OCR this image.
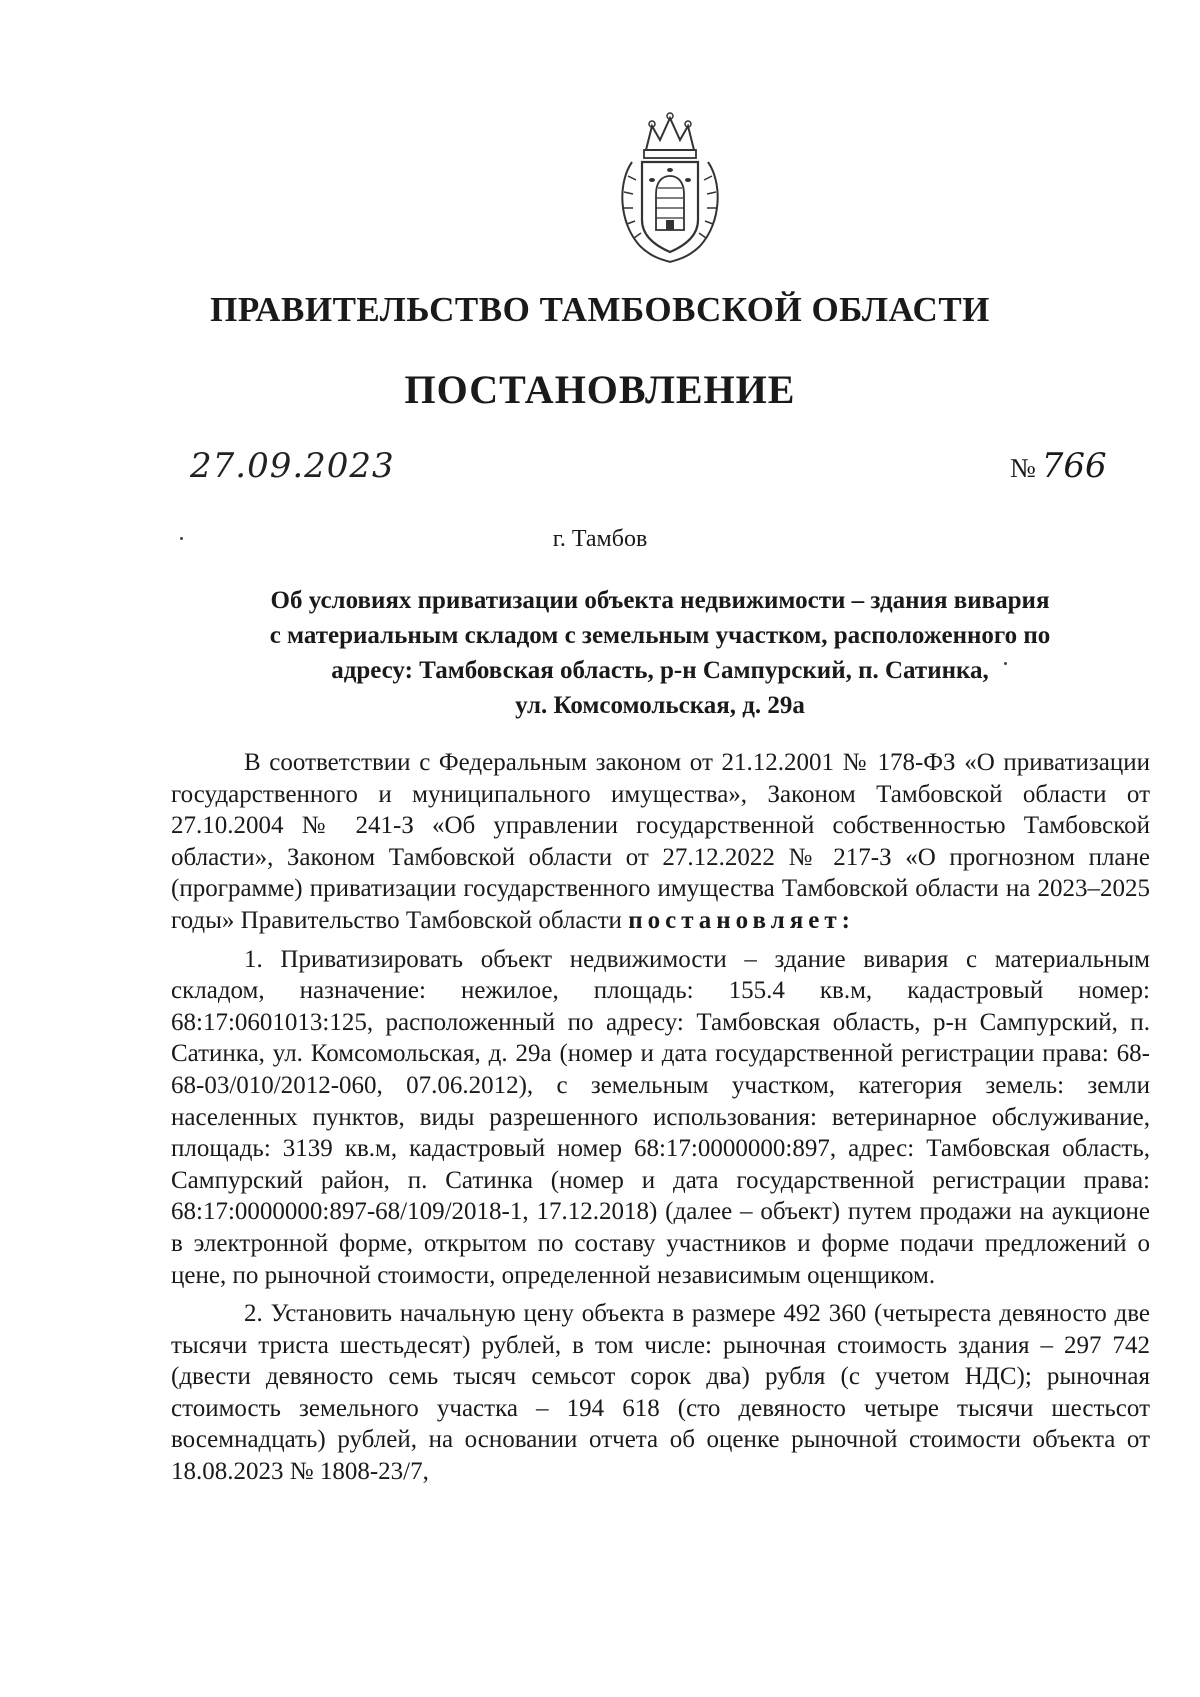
ПРАВИТЕЛЬСТВО ТАМБОВСКОЙ ОБЛАСТИ
ПОСТАНОВЛЕНИЕ
27.09.2023	№ 766
г. Тамбов
Об условиях приватизации объекта недвижимости – здания вивария
с материальным складом с земельным участком, расположенного по
адресу: Тамбовская область, р-н Сампурский, п. Сатинка,
ул. Комсомольская, д. 29а

В соответствии с Федеральным законом от 21.12.2001 № 178-ФЗ «О приватизации государственного и муниципального имущества», Законом Тамбовской области от 27.10.2004 № 241-З «Об управлении государственной собственностью Тамбовской области», Законом Тамбовской области от 27.12.2022 № 217-З «О прогнозном плане (программе) приватизации государственного имущества Тамбовской области на 2023–2025 годы» Правительство Тамбовской области постановляет:

1. Приватизировать объект недвижимости – здание вивария с материальным складом, назначение: нежилое, площадь: 155.4 кв.м, кадастровый номер: 68:17:0601013:125, расположенный по адресу: Тамбовская область, р-н Сампурский, п. Сатинка, ул. Комсомольская, д. 29а (номер и дата государственной регистрации права: 68-68-03/010/2012-060, 07.06.2012), с земельным участком, категория земель: земли населенных пунктов, виды разрешенного использования: ветеринарное обслуживание, площадь: 3139 кв.м, кадастровый номер 68:17:0000000:897, адрес: Тамбовская область, Сампурский район, п. Сатинка (номер и дата государственной регистрации права: 68:17:0000000:897-68/109/2018-1, 17.12.2018) (далее – объект) путем продажи на аукционе в электронной форме, открытом по составу участников и форме подачи предложений о цене, по рыночной стоимости, определенной независимым оценщиком.

2. Установить начальную цену объекта в размере 492 360 (четыреста девяносто две тысячи триста шестьдесят) рублей, в том числе: рыночная стоимость здания – 297 742 (двести девяносто семь тысяч семьсот сорок два) рубля (с учетом НДС); рыночная стоимость земельного участка – 194 618 (сто девяносто четыре тысячи шестьсот восемнадцать) рублей, на основании отчета об оценке рыночной стоимости объекта от 18.08.2023 № 1808-23/7,
